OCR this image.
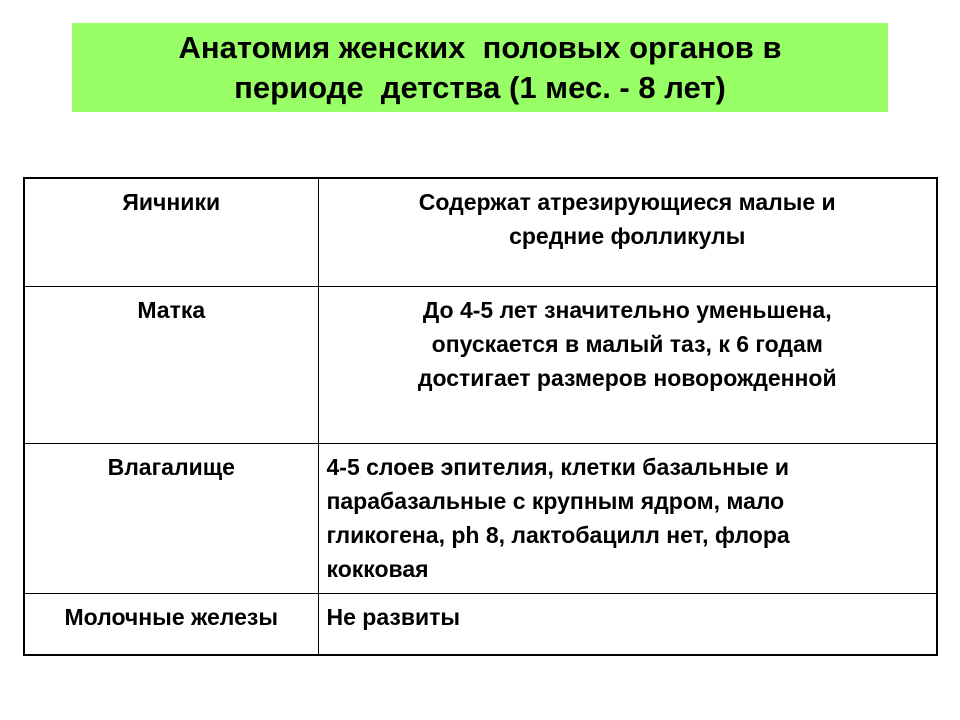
Анатомия женских  половых органов в
периоде  детства (1 мес. - 8 лет)
Яичники	Содержат атрезирующиеся малые и
средние фолликулы

Матка	До 4-5 лет значительно уменьшена,
опускается в малый таз, к 6 годам
достигает размеров новорожденной

Влагалище	4-5 слоев эпителия, клетки базальные и
парабазальные с крупным ядром, мало
гликогена, ph 8, лактобацилл нет, флора
кокковая

Молочные железы	Не развиты
